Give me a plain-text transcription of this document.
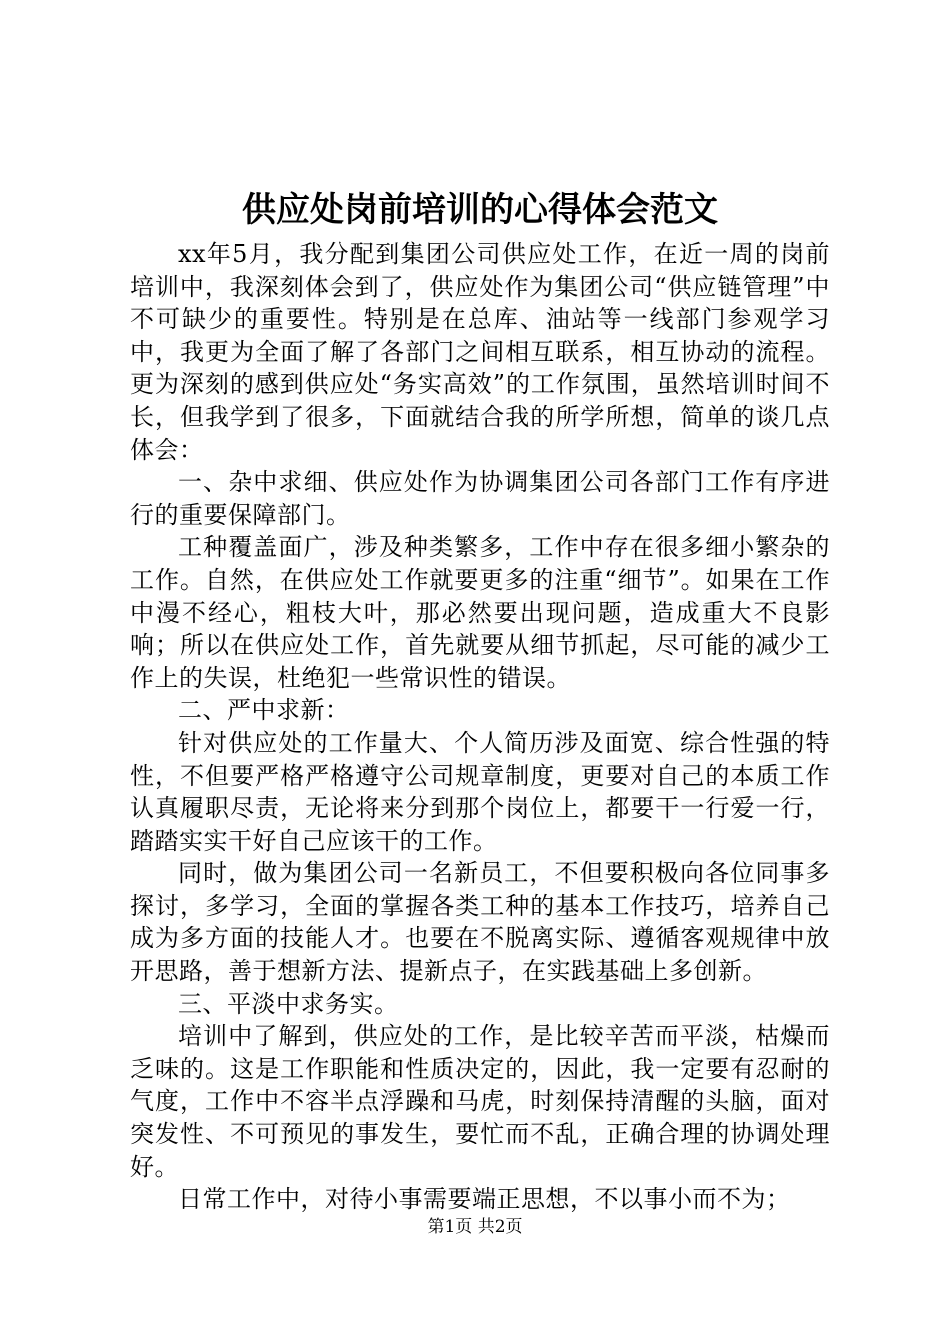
供应处岗前培训的心得体会范文

xx年5月，我分配到集团公司供应处工作，在近一周的岗前培训中，我深刻体会到了，供应处作为集团公司“供应链管理”中不可缺少的重要性。特别是在总库、油站等一线部门参观学习中，我更为全面了解了各部门之间相互联系，相互协动的流程。更为深刻的感到供应处“务实高效”的工作氛围，虽然培训时间不长，但我学到了很多，下面就结合我的所学所想，简单的谈几点体会：

一、杂中求细、供应处作为协调集团公司各部门工作有序进行的重要保障部门。

工种覆盖面广，涉及种类繁多，工作中存在很多细小繁杂的工作。自然，在供应处工作就要更多的注重“细节”。如果在工作中漫不经心，粗枝大叶，那必然要出现问题，造成重大不良影响；所以在供应处工作，首先就要从细节抓起，尽可能的减少工作上的失误，杜绝犯一些常识性的错误。

二、严中求新：

针对供应处的工作量大、个人简历涉及面宽、综合性强的特性，不但要严格严格遵守公司规章制度，更要对自己的本质工作认真履职尽责，无论将来分到那个岗位上，都要干一行爱一行，踏踏实实干好自己应该干的工作。

同时，做为集团公司一名新员工，不但要积极向各位同事多探讨，多学习，全面的掌握各类工种的基本工作技巧，培养自己成为多方面的技能人才。也要在不脱离实际、遵循客观规律中放开思路，善于想新方法、提新点子，在实践基础上多创新。

三、平淡中求务实。

培训中了解到，供应处的工作，是比较辛苦而平淡，枯燥而乏味的。这是工作职能和性质决定的，因此，我一定要有忍耐的气度，工作中不容半点浮躁和马虎，时刻保持清醒的头脑，面对突发性、不可预见的事发生，要忙而不乱，正确合理的协调处理好。

日常工作中，对待小事需要端正思想，不以事小而不为；

第1页 共2页
